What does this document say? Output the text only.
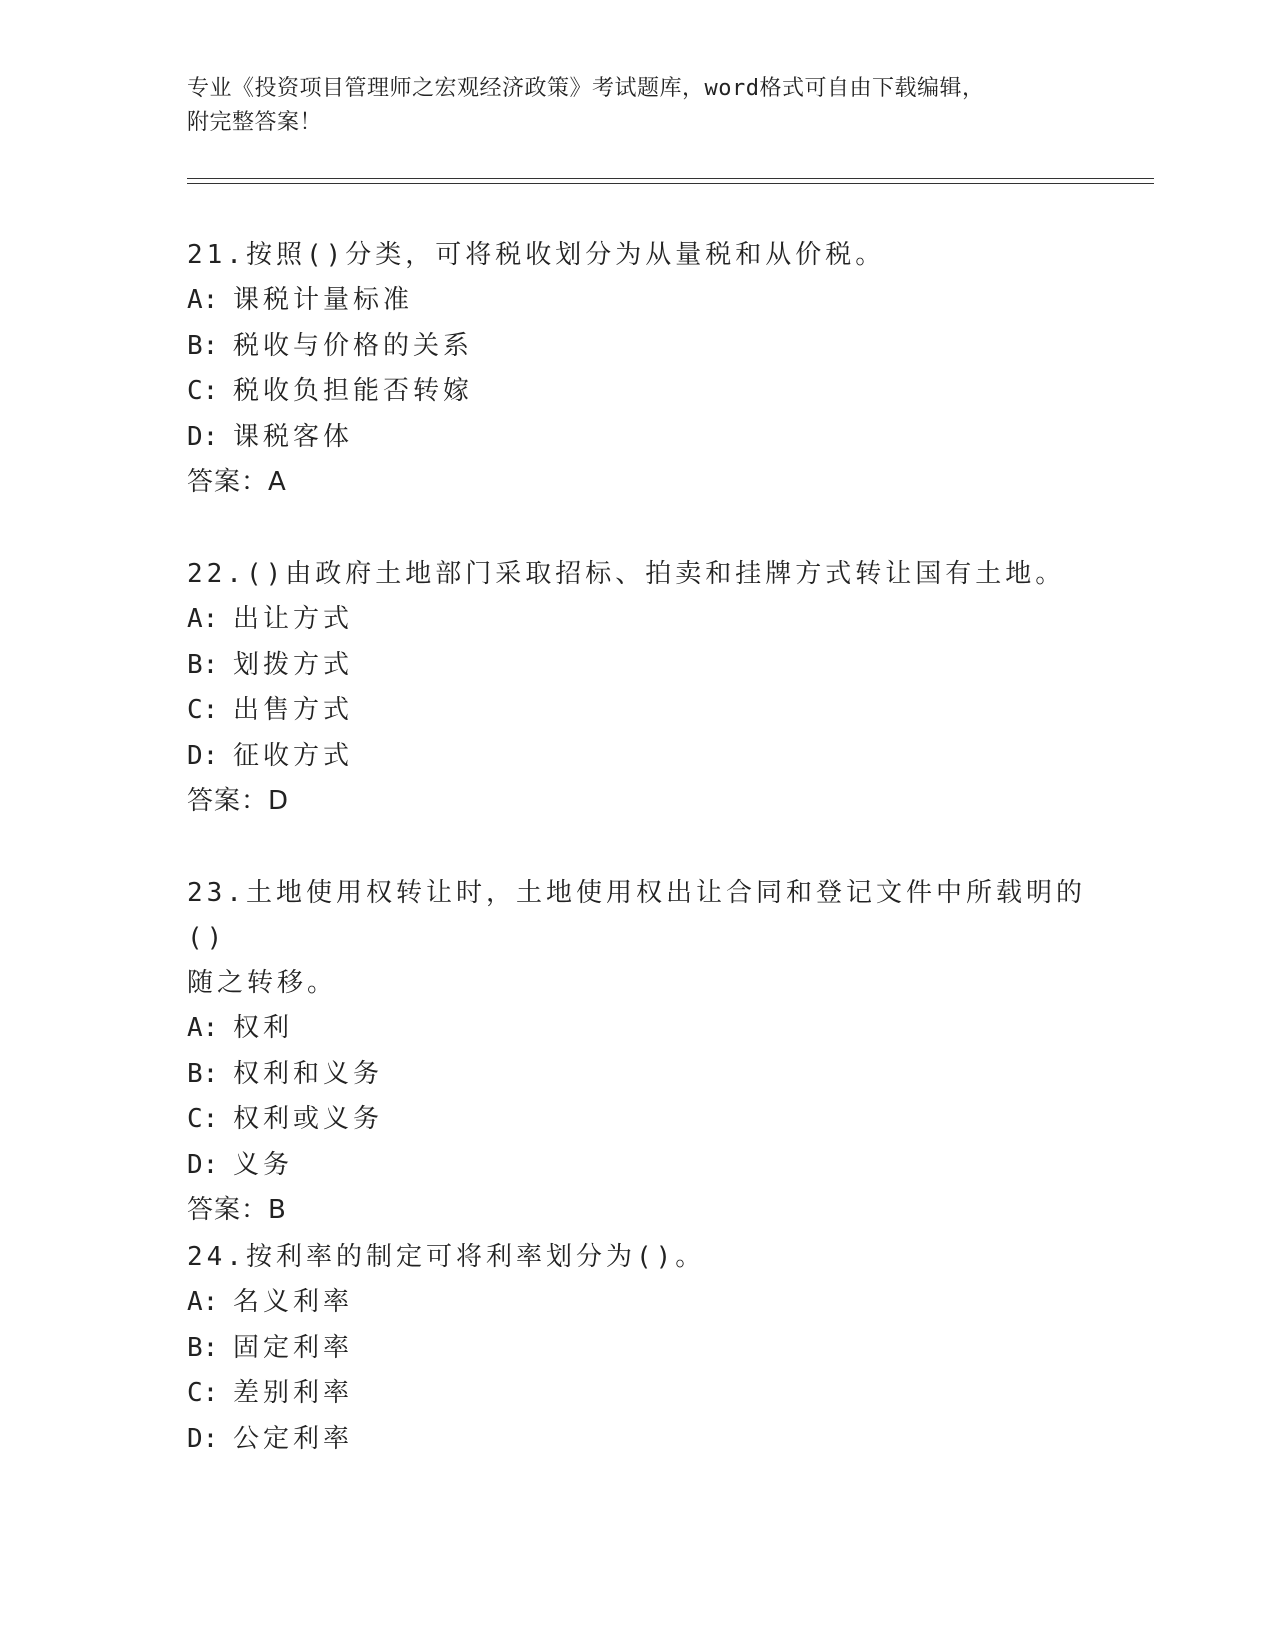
专业《投资项目管理师之宏观经济政策》考试题库，word格式可自由下载编辑，
附完整答案！

21.按照()分类，可将税收划分为从量税和从价税。

A: 课税计量标准

B: 税收与价格的关系

C: 税收负担能否转嫁

D: 课税客体

答案：A

22.()由政府土地部门采取招标、拍卖和挂牌方式转让国有土地。

A: 出让方式

B: 划拨方式

C: 出售方式

D: 征收方式

答案：D

23.土地使用权转让时，土地使用权出让合同和登记文件中所载明的()

随之转移。

A: 权利

B: 权利和义务

C: 权利或义务

D: 义务

答案：B

24.按利率的制定可将利率划分为()。

A: 名义利率

B: 固定利率

C: 差别利率

D: 公定利率
